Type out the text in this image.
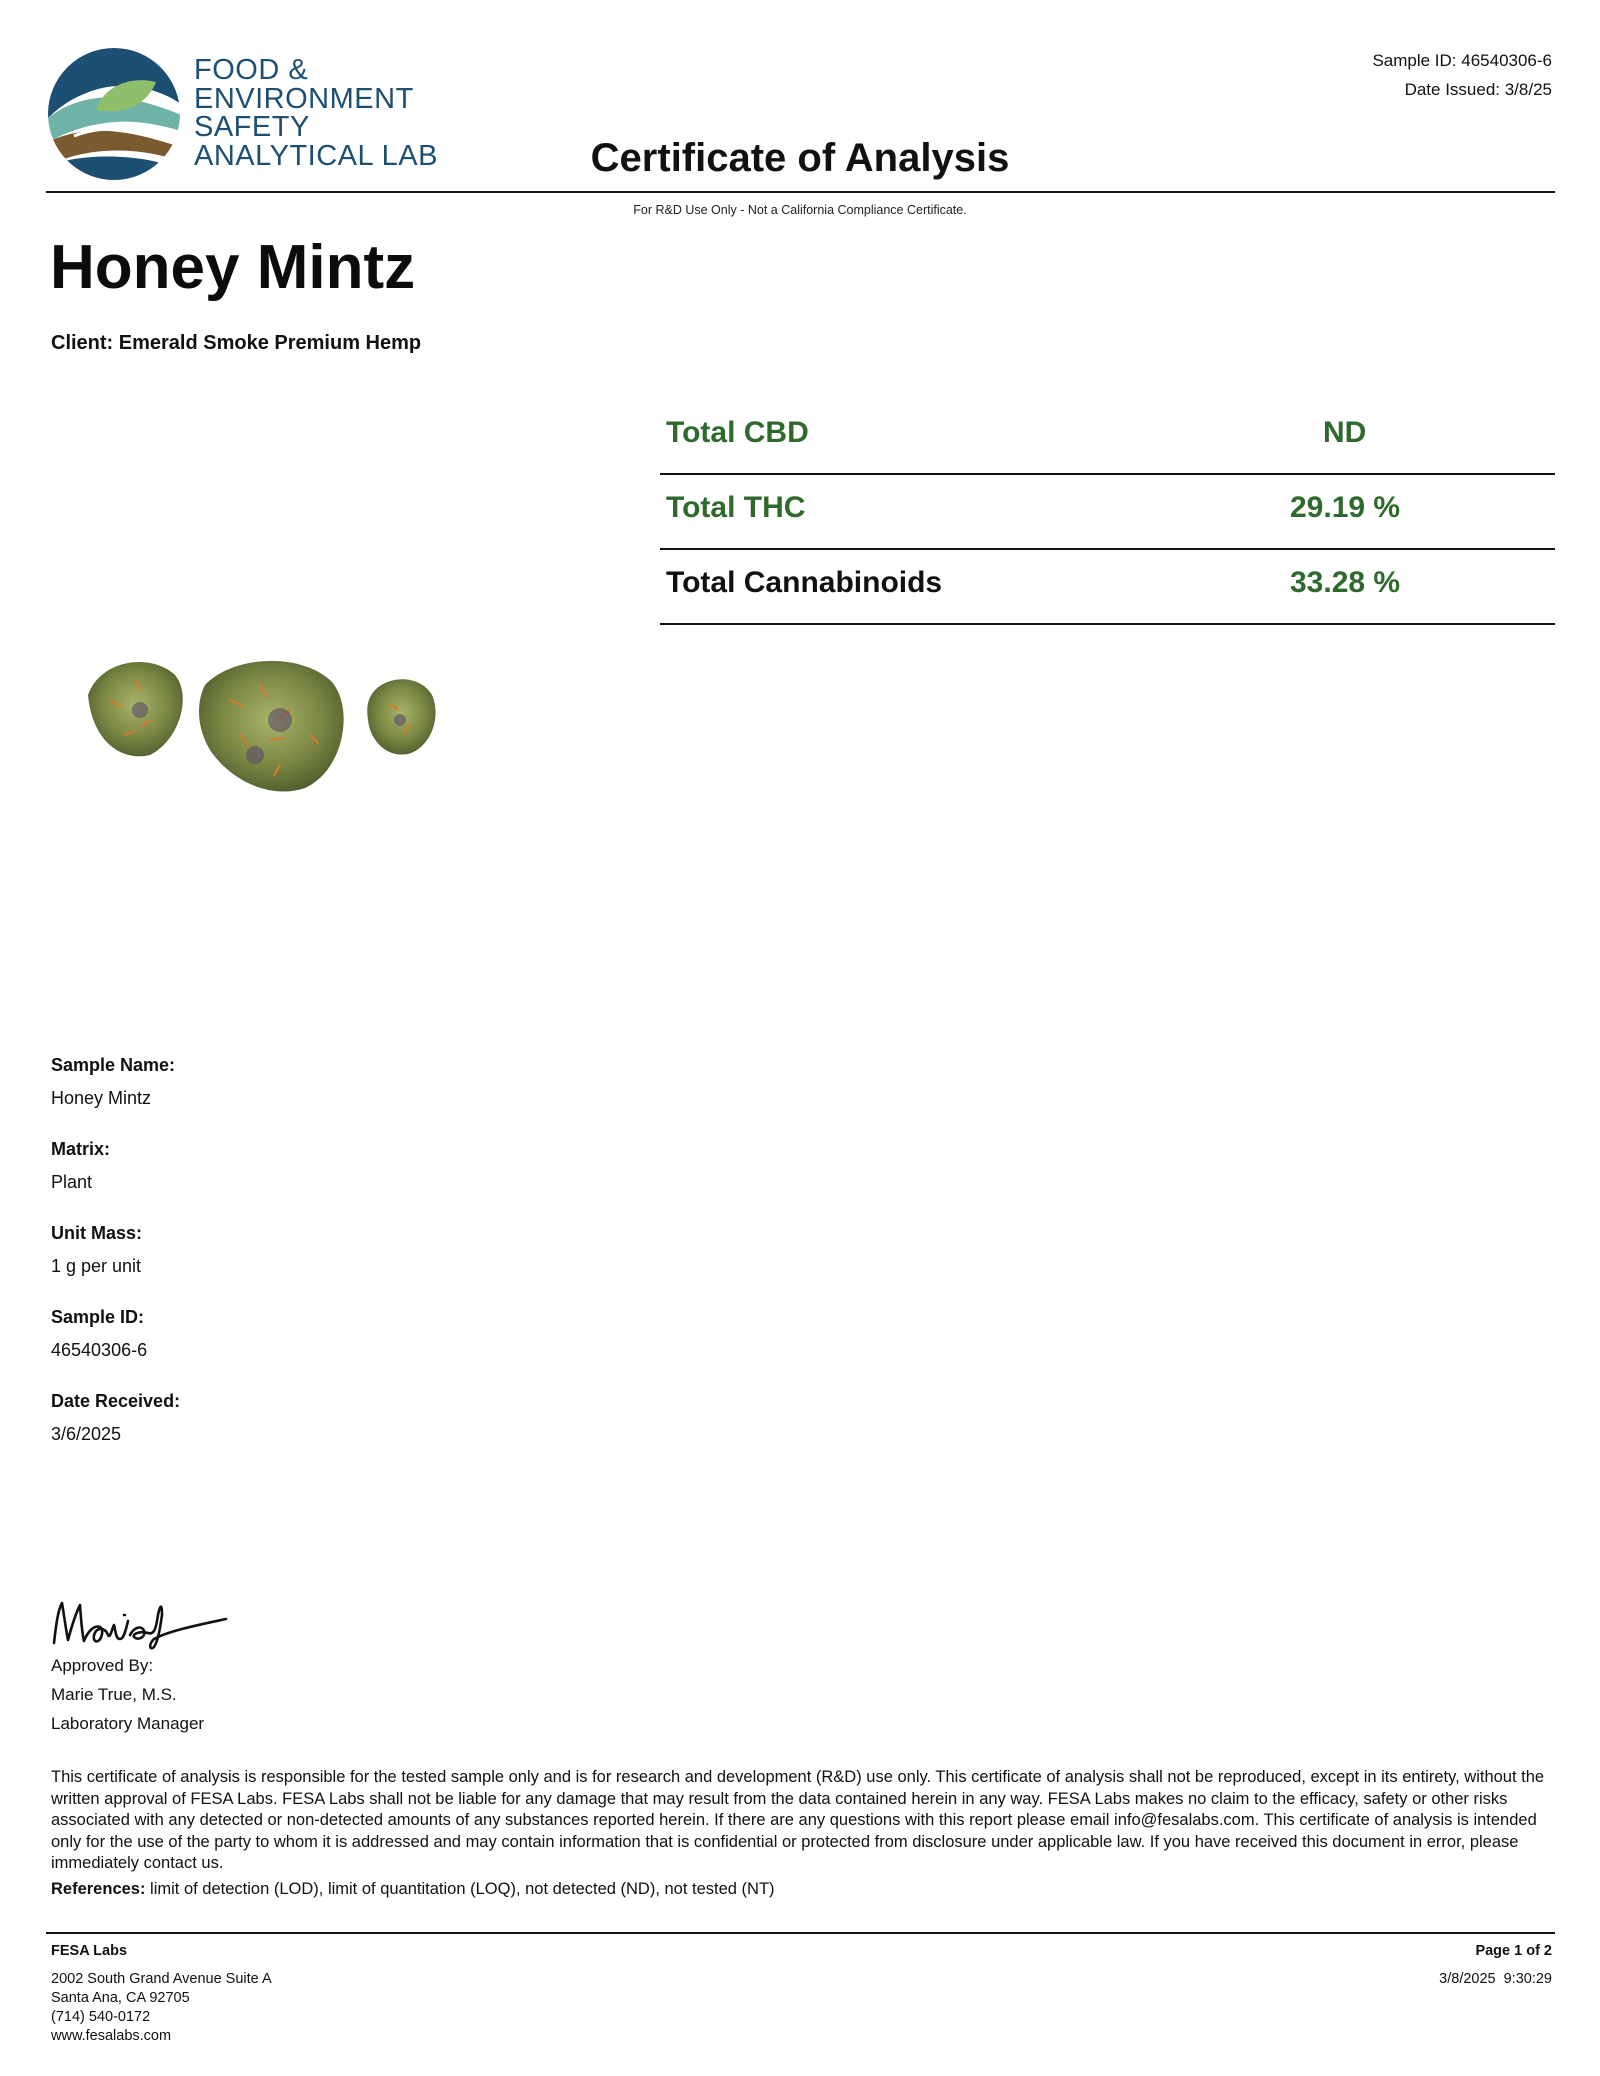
FOOD &
ENVIRONMENT
SAFETY
ANALYTICAL LAB
Sample ID: 46540306-6
Date Issued: 3/8/25
Certificate of Analysis
For R&D Use Only - Not a California Compliance Certificate.
Honey Mintz
Client: Emerald Smoke Premium Hemp
Total CBD	ND
Total THC	29.19 %
Total Cannabinoids	33.28 %
Sample Name:
Honey Mintz
Matrix:
Plant
Unit Mass:
1 g per unit
Sample ID:
46540306-6
Date Received:
3/6/2025
Approved By:
Marie True, M.S.
Laboratory Manager
This certificate of analysis is responsible for the tested sample only and is for research and development (R&D) use only. This certificate of analysis shall not be reproduced, except in its entirety, without the written approval of FESA Labs. FESA Labs shall not be liable for any damage that may result from the data contained herein in any way. FESA Labs makes no claim to the efficacy, safety or other risks associated with any detected or non-detected amounts of any substances reported herein. If there are any questions with this report please email info@fesalabs.com. This certificate of analysis is intended only for the use of the party to whom it is addressed and may contain information that is confidential or protected from disclosure under applicable law. If you have received this document in error, please immediately contact us.
References: limit of detection (LOD), limit of quantitation (LOQ), not detected (ND), not tested (NT)
FESA Labs
2002 South Grand Avenue Suite A
Santa Ana, CA 92705
(714) 540-0172
www.fesalabs.com
Page 1 of 2
3/8/2025 9:30:29
